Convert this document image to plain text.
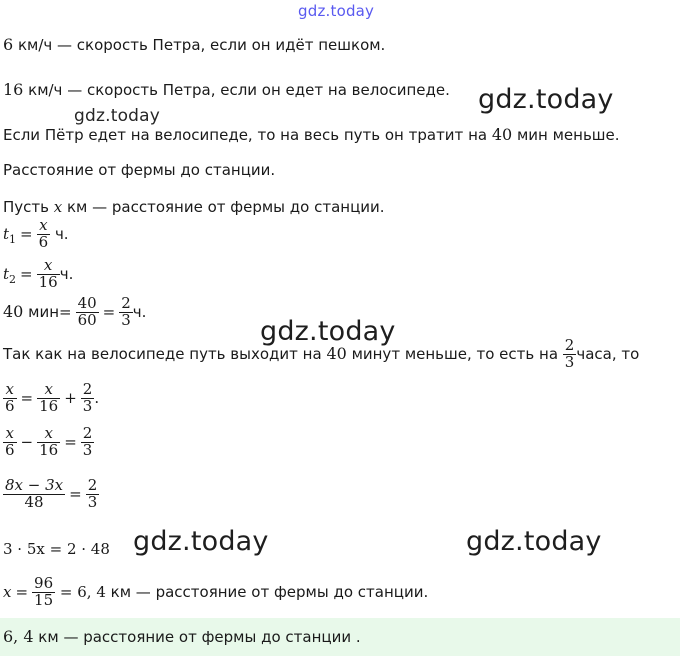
gdz.today
6 км/ч — скорость Петра, если он идёт пешком.
16 км/ч — скорость Петра, если он едет на велосипеде. gdz.today
gdz.today
Если Пётр едет на велосипеде, то на весь путь он тратит на 40 мин меньше.
Расстояние от фермы до станции.
Пусть x км — расстояние от фермы до станции.
$t_1 = \frac{x}{6} ч$.
$t_2 = \frac{x}{16} ч$.
40 $мин= \frac{40}{60} = \frac{2}{3} ч$.
gdz.today
Так как на велосипеде путь выходит на 40 минут меньше, то есть на $\frac{2}{3}$ часа, то
$\frac{x}{6} = \frac{x}{16} + \frac{2}{3}$ .
$\frac{x}{6} - \frac{x}{16} = \frac{2}{3}$
$\frac{8x - 3x}{48} = \frac{2}{3}$
3 · 5x = 2 · 48 gdz.today	gdz.today
$x = \frac{96}{15} = 6$, 4 км — расстояние от фермы до станции.
6, 4 км — расстояние от фермы до станции .
